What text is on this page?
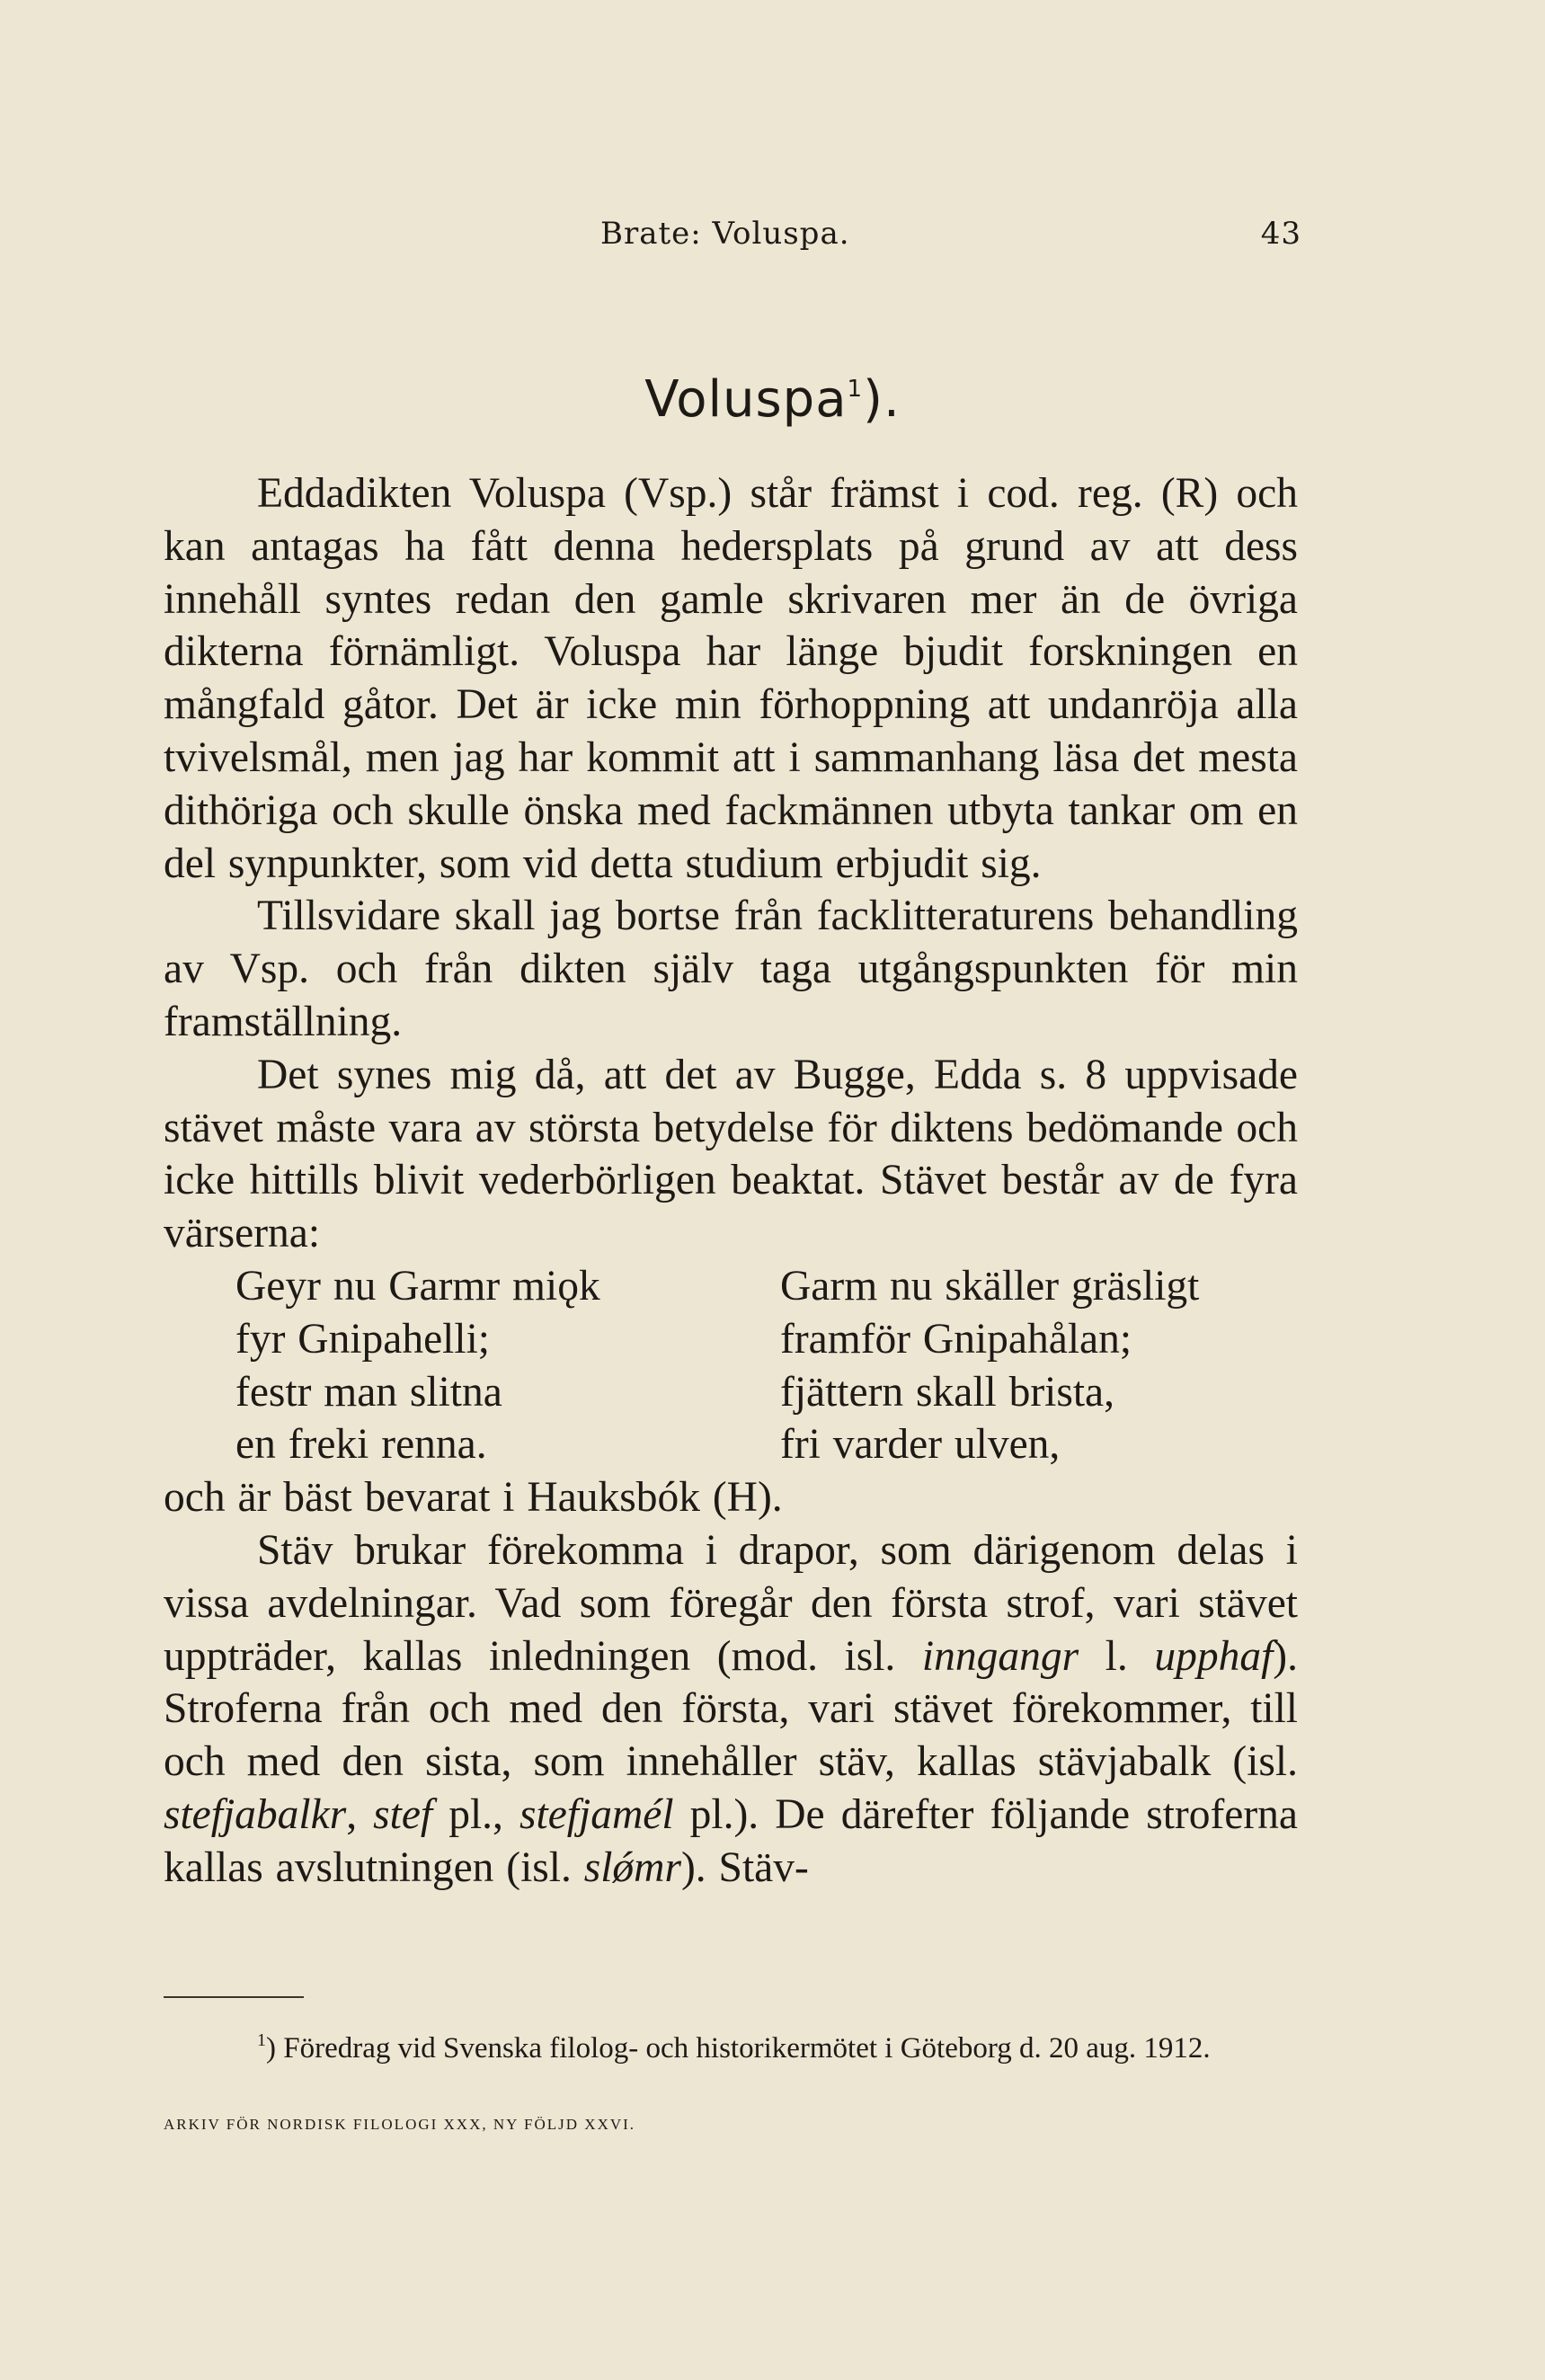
Brate: Voluspa.	43
Voluspa$^1$).

Eddadikten Voluspa (Vsp.) står främst i cod. reg. (R) och kan antagas ha fått denna hedersplats på grund av att dess innehåll syntes redan den gamle skrivaren mer än de övriga dikterna förnämligt. Voluspa har länge bjudit forskningen en mångfald gåtor. Det är icke min förhoppning att undanröja alla tvivelsmål, men jag har kommit att i sammanhang läsa det mesta dithöriga och skulle önska med fackmännen utbyta tankar om en del synpunkter, som vid detta studium erbjudit sig.

Tillsvidare skall jag bortse från facklitteraturens behandling av Vsp. och från dikten själv taga utgångspunkten för min framställning.

Det synes mig då, att det av Bugge, Edda s. 8 uppvisade stävet måste vara av största betydelse för diktens bedömande och icke hittills blivit vederbörligen beaktat. Stävet består av de fyra värserna:

Geyr nu Garmr miǫk	Garm nu skäller gräsligt
fyr Gnipahelli;	framför Gnipahålan;
festr man slitna	fjättern skall brista,
en freki renna.	fri varder ulven,

och är bäst bevarat i Hauksbók (H).

Stäv brukar förekomma i drapor, som därigenom delas i vissa avdelningar. Vad som föregår den första strof, vari stävet uppträder, kallas inledningen (mod. isl. inngangr l. upphaf). Stroferna från och med den första, vari stävet förekommer, till och med den sista, som innehåller stäv, kallas stävjabalk (isl. stefjabalkr, stef pl., stefjamél pl.). De därefter följande stroferna kallas avslutningen (isl. slǿmr). Stäv-

$^1$) Föredrag vid Svenska filolog- och historikermötet i Göteborg d. 20 aug. 1912.
ARKIV FÖR NORDISK FILOLOGI XXX, NY FÖLJD XXVI.
